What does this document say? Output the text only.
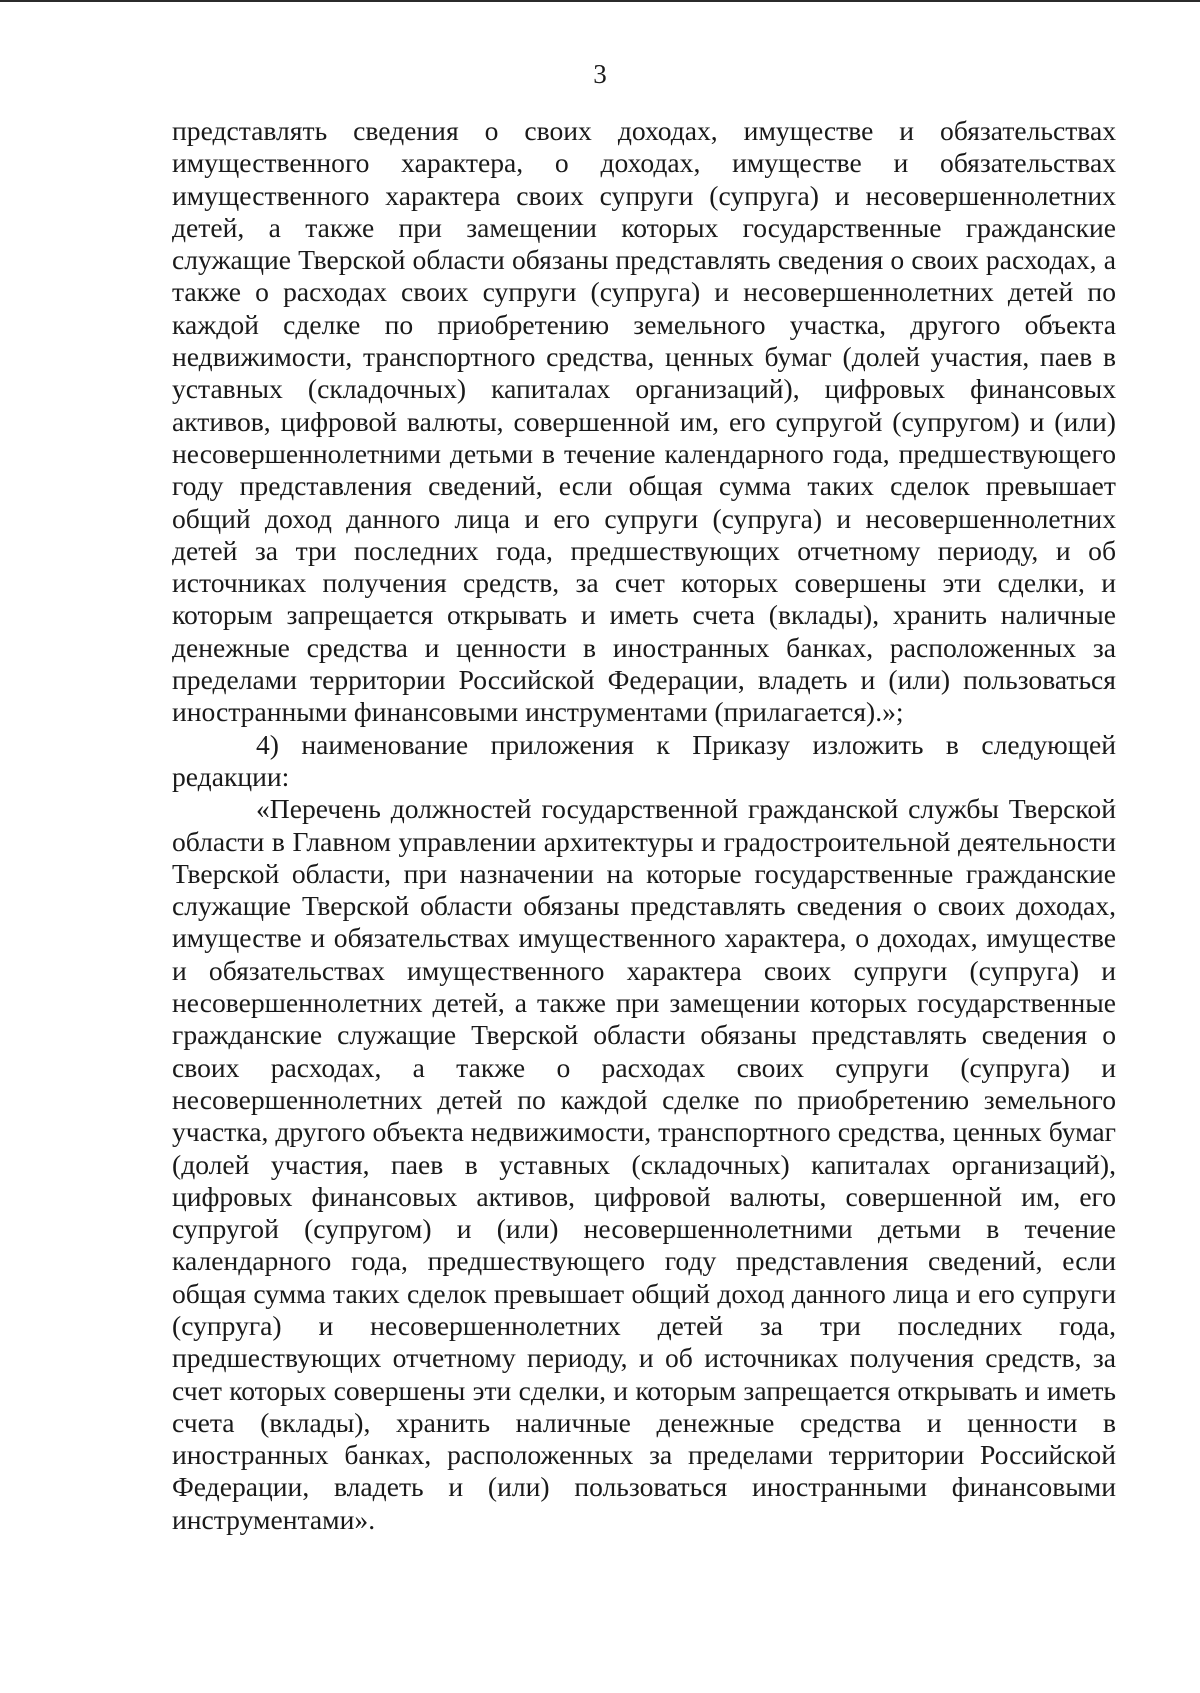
3

представлять сведения о своих доходах, имуществе и обязательствах имущественного характера, о доходах, имуществе и обязательствах имущественного характера своих супруги (супруга) и несовершеннолетних детей, а также при замещении которых государственные гражданские служащие Тверской области обязаны представлять сведения о своих расходах, а также о расходах своих супруги (супруга) и несовершеннолетних детей по каждой сделке по приобретению земельного участка, другого объекта недвижимости, транспортного средства, ценных бумаг (долей участия, паев в уставных (складочных) капиталах организаций), цифровых финансовых активов, цифровой валюты, совершенной им, его супругой (супругом) и (или) несовершеннолетними детьми в течение календарного года, предшествующего году представления сведений, если общая сумма таких сделок превышает общий доход данного лица и его супруги (супруга) и несовершеннолетних детей за три последних года, предшествующих отчетному периоду, и об источниках получения средств, за счет которых совершены эти сделки, и которым запрещается открывать и иметь счета (вклады), хранить наличные денежные средства и ценности в иностранных банках, расположенных за пределами территории Российской Федерации, владеть и (или) пользоваться иностранными финансовыми инструментами (прилагается).»;

4) наименование приложения к Приказу изложить в следующей редакции:

«Перечень должностей государственной гражданской службы Тверской области в Главном управлении архитектуры и градостроительной деятельности Тверской области, при назначении на которые государственные гражданские служащие Тверской области обязаны представлять сведения о своих доходах, имуществе и обязательствах имущественного характера, о доходах, имуществе и обязательствах имущественного характера своих супруги (супруга) и несовершеннолетних детей, а также при замещении которых государственные гражданские служащие Тверской области обязаны представлять сведения о своих расходах, а также о расходах своих супруги (супруга) и несовершеннолетних детей по каждой сделке по приобретению земельного участка, другого объекта недвижимости, транспортного средства, ценных бумаг (долей участия, паев в уставных (складочных) капиталах организаций), цифровых финансовых активов, цифровой валюты, совершенной им, его супругой (супругом) и (или) несовершеннолетними детьми в течение календарного года, предшествующего году представления сведений, если общая сумма таких сделок превышает общий доход данного лица и его супруги (супруга) и несовершеннолетних детей за три последних года, предшествующих отчетному периоду, и об источниках получения средств, за счет которых совершены эти сделки, и которым запрещается открывать и иметь счета (вклады), хранить наличные денежные средства и ценности в иностранных банках, расположенных за пределами территории Российской Федерации, владеть и (или) пользоваться иностранными финансовыми инструментами».
